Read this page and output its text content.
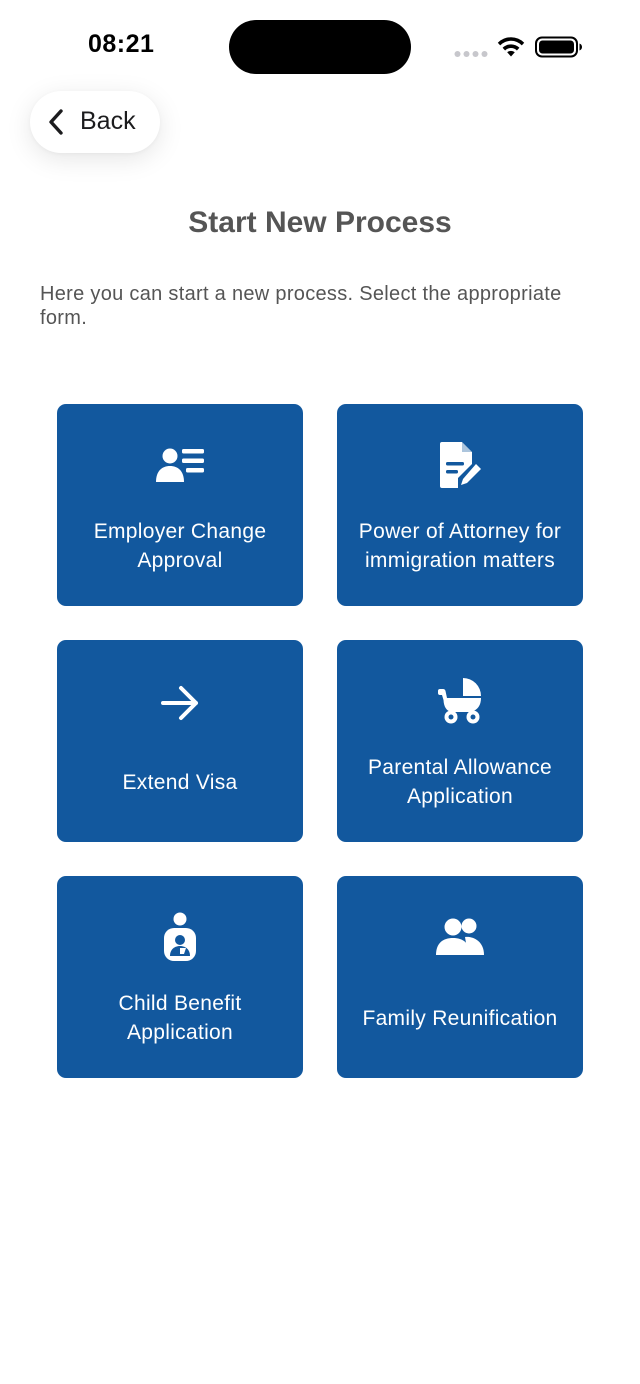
08:21
Back
Start New Process
Here you can start a new process. Select the appropriate form.
Employer Change Approval
Power of Attorney for immigration matters
Extend Visa
Parental Allowance Application
Child Benefit Application
Family Reunification
